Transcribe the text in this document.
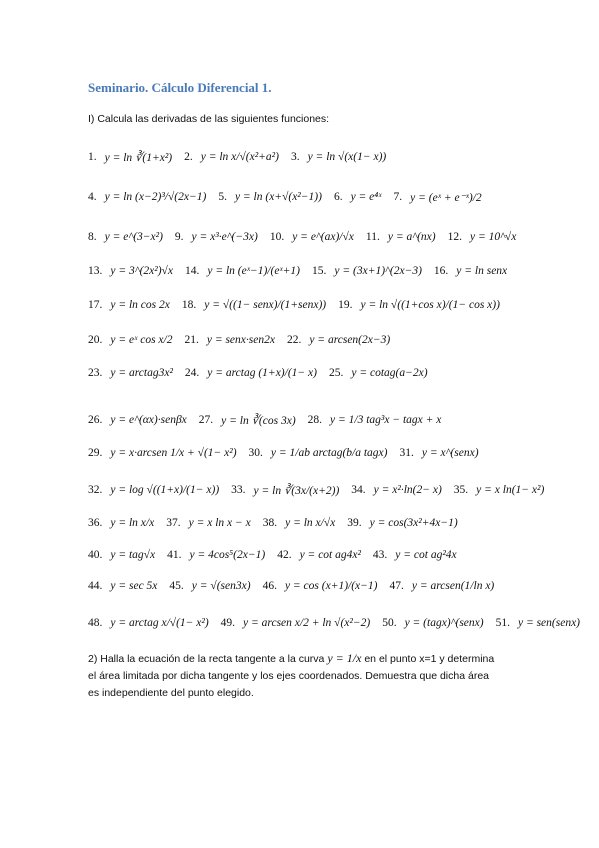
Seminario. Cálculo Diferencial 1.
I) Calcula las derivadas de las siguientes funciones:
1. y = ln ∛(1+x²) 2. y = ln x/√(x²+a²) 3. y = ln √(x(1− x))
4. y = ln (x−2)³/√(2x−1) 5. y = ln (x+√(x²−1)) 6. y = e⁴ˣ 7. y = (eˣ + e⁻ˣ)/2
8. y = e^(3−x²) 9. y = x³·e^(−3x) 10. y = e^(ax)/√x 11. y = a^(nx) 12. y = 10^√x
13. y = 3^(2x²)√x 14. y = ln (eˣ−1)/(eˣ+1) 15. y = (3x+1)^(2x−3) 16. y = ln senx
17. y = ln cos 2x 18. y = √((1− senx)/(1+senx)) 19. y = ln √((1+cos x)/(1− cos x))
20. y = eˣ cos x/2 21. y = senx·sen2x 22. y = arcsen(2x−3)
23. y = arctag3x² 24. y = arctag (1+x)/(1− x) 25. y = cotag(a−2x)
26. y = e^(αx)·senβx 27. y = ln ∛(cos 3x) 28. y = 1/3 tag³x − tagx + x
29. y = x·arcsen 1/x + √(1− x²) 30. y = 1/ab arctag(b/a tagx) 31. y = x^(senx)
32. y = log √((1+x)/(1− x)) 33. y = ln ∛(3x/(x+2)) 34. y = x²·ln(2− x) 35. y = x ln(1− x²)
36. y = ln x/x 37. y = x ln x − x 38. y = ln x/√x 39. y = cos(3x²+4x−1)
40. y = tag√x 41. y = 4cos⁵(2x−1) 42. y = cot ag4x² 43. y = cot ag²4x
44. y = sec 5x 45. y = √(sen3x) 46. y = cos (x+1)/(x−1) 47. y = arcsen(1/ln x)
48. y = arctag x/√(1− x²) 49. y = arcsen x/2 + ln √(x²−2) 50. y = (tagx)^(senx) 51. y = sen(senx)
2) Halla la ecuación de la recta tangente a la curva y = 1/x en el punto x=1 y determina
el área limitada por dicha tangente y los ejes coordenados. Demuestra que dicha área
es independiente del punto elegido.
